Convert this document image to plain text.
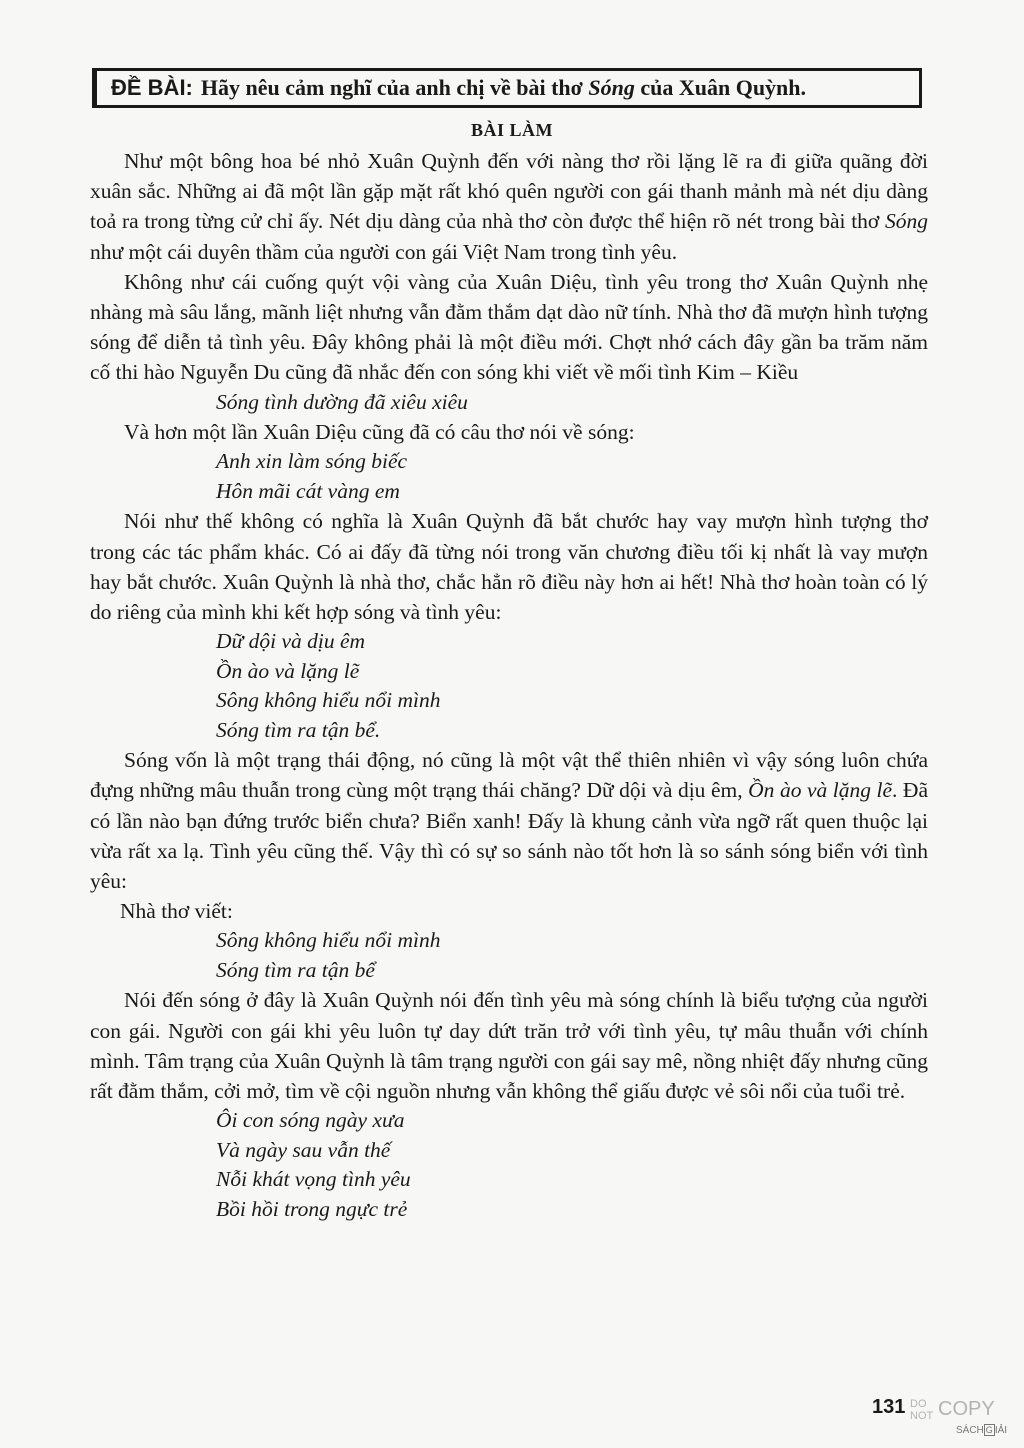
ĐỀ BÀI: Hãy nêu cảm nghĩ của anh chị về bài thơ
Sóng
của Xuân Quỳnh.
BÀI LÀM

Như một bông hoa bé nhỏ Xuân Quỳnh đến với nàng thơ rồi lặng lẽ ra đi giữa quãng đời xuân sắc. Những ai đã một lần gặp mặt rất khó quên người con gái thanh mảnh mà nét dịu dàng toả ra trong từng cử chỉ ấy. Nét dịu dàng của nhà thơ còn được thể hiện rõ nét trong bài thơ Sóng như một cái duyên thầm của người con gái Việt Nam trong tình yêu.

Không như cái cuống quýt vội vàng của Xuân Diệu, tình yêu trong thơ Xuân Quỳnh nhẹ nhàng mà sâu lắng, mãnh liệt nhưng vẫn đằm thắm dạt dào nữ tính. Nhà thơ đã mượn hình tượng sóng để diễn tả tình yêu. Đây không phải là một điều mới. Chợt nhớ cách đây gần ba trăm năm cố thi hào Nguyễn Du cũng đã nhắc đến con sóng khi viết về mối tình Kim – Kiều

Sóng tình dường đã xiêu xiêu

Và hơn một lần Xuân Diệu cũng đã có câu thơ nói về sóng:

Anh xin làm sóng biếc
Hôn mãi cát vàng em

Nói như thế không có nghĩa là Xuân Quỳnh đã bắt chước hay vay mượn hình tượng thơ trong các tác phẩm khác. Có ai đấy đã từng nói trong văn chương điều tối kị nhất là vay mượn hay bắt chước. Xuân Quỳnh là nhà thơ, chắc hẳn rõ điều này hơn ai hết! Nhà thơ hoàn toàn có lý do riêng của mình khi kết hợp sóng và tình yêu:

Dữ dội và dịu êm
Ồn ào và lặng lẽ
Sông không hiểu nổi mình
Sóng tìm ra tận bể.

Sóng vốn là một trạng thái động, nó cũng là một vật thể thiên nhiên vì vậy sóng luôn chứa đựng những mâu thuẫn trong cùng một trạng thái chăng? Dữ dội và dịu êm, Ồn ào và lặng lẽ. Đã có lần nào bạn đứng trước biển chưa? Biển xanh! Đấy là khung cảnh vừa ngỡ rất quen thuộc lại vừa rất xa lạ. Tình yêu cũng thế. Vậy thì có sự so sánh nào tốt hơn là so sánh sóng biển với tình yêu:

Nhà thơ viết:

Sông không hiểu nổi mình
Sóng tìm ra tận bể

Nói đến sóng ở đây là Xuân Quỳnh nói đến tình yêu mà sóng chính là biểu tượng của người con gái. Người con gái khi yêu luôn tự day dứt trăn trở với tình yêu, tự mâu thuẫn với chính mình. Tâm trạng của Xuân Quỳnh là tâm trạng người con gái say mê, nồng nhiệt đấy nhưng cũng rất đằm thắm, cởi mở, tìm về cội nguồn nhưng vẫn không thể giấu được vẻ sôi nổi của tuổi trẻ.

Ôi con sóng ngày xưa
Và ngày sau vẫn thế
Nỗi khát vọng tình yêu
Bồi hồi trong ngực trẻ
131 DO
NOT COPY
SÁCH G IẢI
